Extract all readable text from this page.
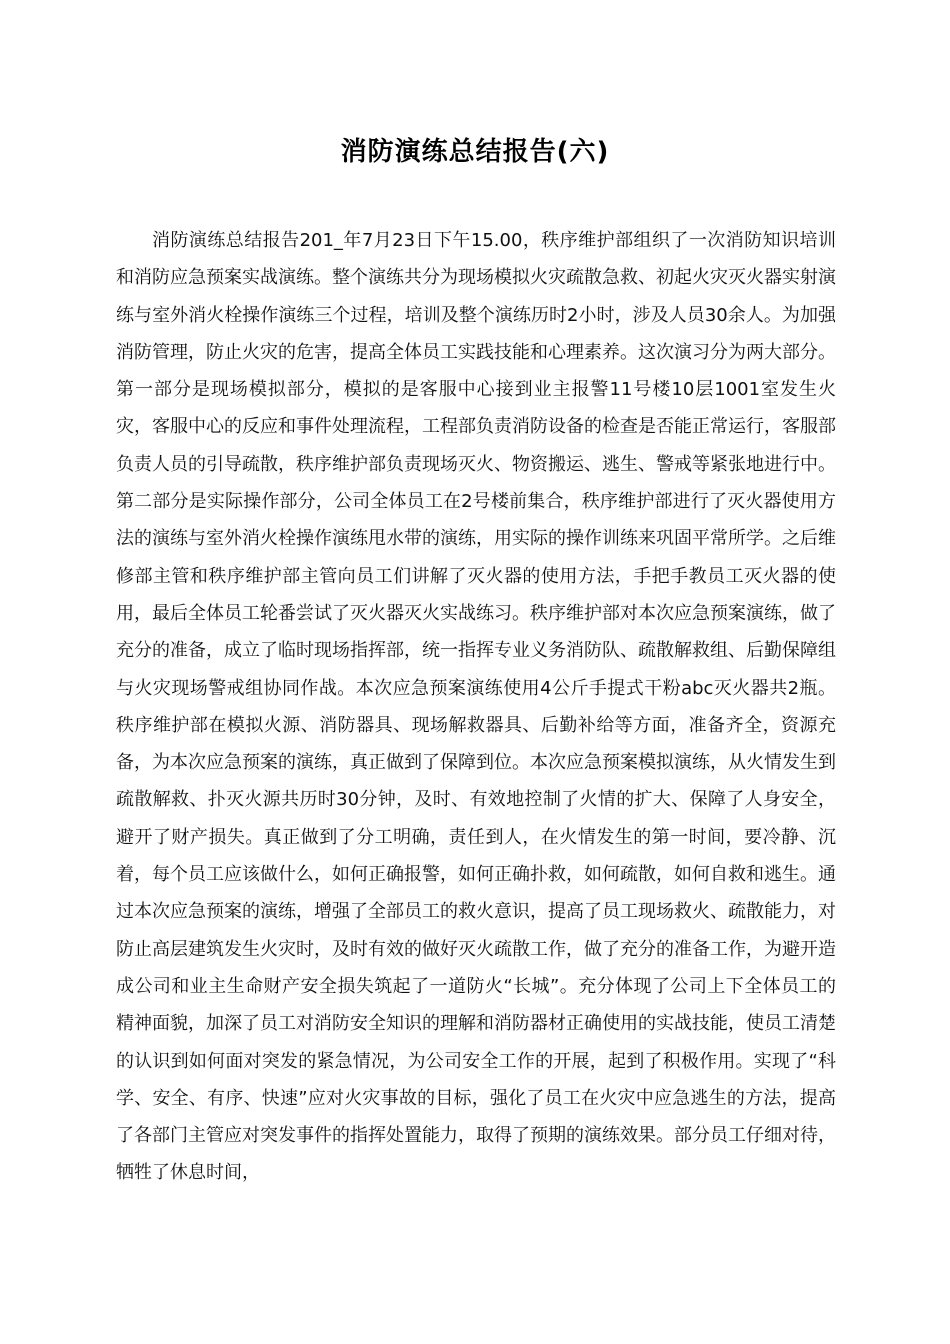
消防演练总结报告(六)

消防演练总结报告201_年7月23日下午15.00，秩序维护部组织了一次消防知识培训和消防应急预案实战演练。整个演练共分为现场模拟火灾疏散急救、初起火灾灭火器实射演练与室外消火栓操作演练三个过程，培训及整个演练历时2小时，涉及人员30余人。为加强消防管理，防止火灾的危害，提高全体员工实践技能和心理素养。这次演习分为两大部分。第一部分是现场模拟部分，模拟的是客服中心接到业主报警11号楼10层1001室发生火灾，客服中心的反应和事件处理流程，工程部负责消防设备的检查是否能正常运行，客服部负责人员的引导疏散，秩序维护部负责现场灭火、物资搬运、逃生、警戒等紧张地进行中。第二部分是实际操作部分，公司全体员工在2号楼前集合，秩序维护部进行了灭火器使用方法的演练与室外消火栓操作演练甩水带的演练，用实际的操作训练来巩固平常所学。之后维修部主管和秩序维护部主管向员工们讲解了灭火器的使用方法，手把手教员工灭火器的使用，最后全体员工轮番尝试了灭火器灭火实战练习。秩序维护部对本次应急预案演练，做了充分的准备，成立了临时现场指挥部，统一指挥专业义务消防队、疏散解救组、后勤保障组与火灾现场警戒组协同作战。本次应急预案演练使用4公斤手提式干粉abc灭火器共2瓶。秩序维护部在模拟火源、消防器具、现场解救器具、后勤补给等方面，准备齐全，资源充备，为本次应急预案的演练，真正做到了保障到位。本次应急预案模拟演练，从火情发生到疏散解救、扑灭火源共历时30分钟，及时、有效地控制了火情的扩大、保障了人身安全，避开了财产损失。真正做到了分工明确，责任到人，在火情发生的第一时间，要冷静、沉着，每个员工应该做什么，如何正确报警，如何正确扑救，如何疏散，如何自救和逃生。通过本次应急预案的演练，增强了全部员工的救火意识，提高了员工现场救火、疏散能力，对防止高层建筑发生火灾时，及时有效的做好灭火疏散工作，做了充分的准备工作，为避开造成公司和业主生命财产安全损失筑起了一道防火“长城”。充分体现了公司上下全体员工的精神面貌，加深了员工对消防安全知识的理解和消防器材正确使用的实战技能，使员工清楚的认识到如何面对突发的紧急情况，为公司安全工作的开展，起到了积极作用。实现了“科学、安全、有序、快速”应对火灾事故的目标，强化了员工在火灾中应急逃生的方法，提高了各部门主管应对突发事件的指挥处置能力，取得了预期的演练效果。部分员工仔细对待，牺牲了休息时间，
